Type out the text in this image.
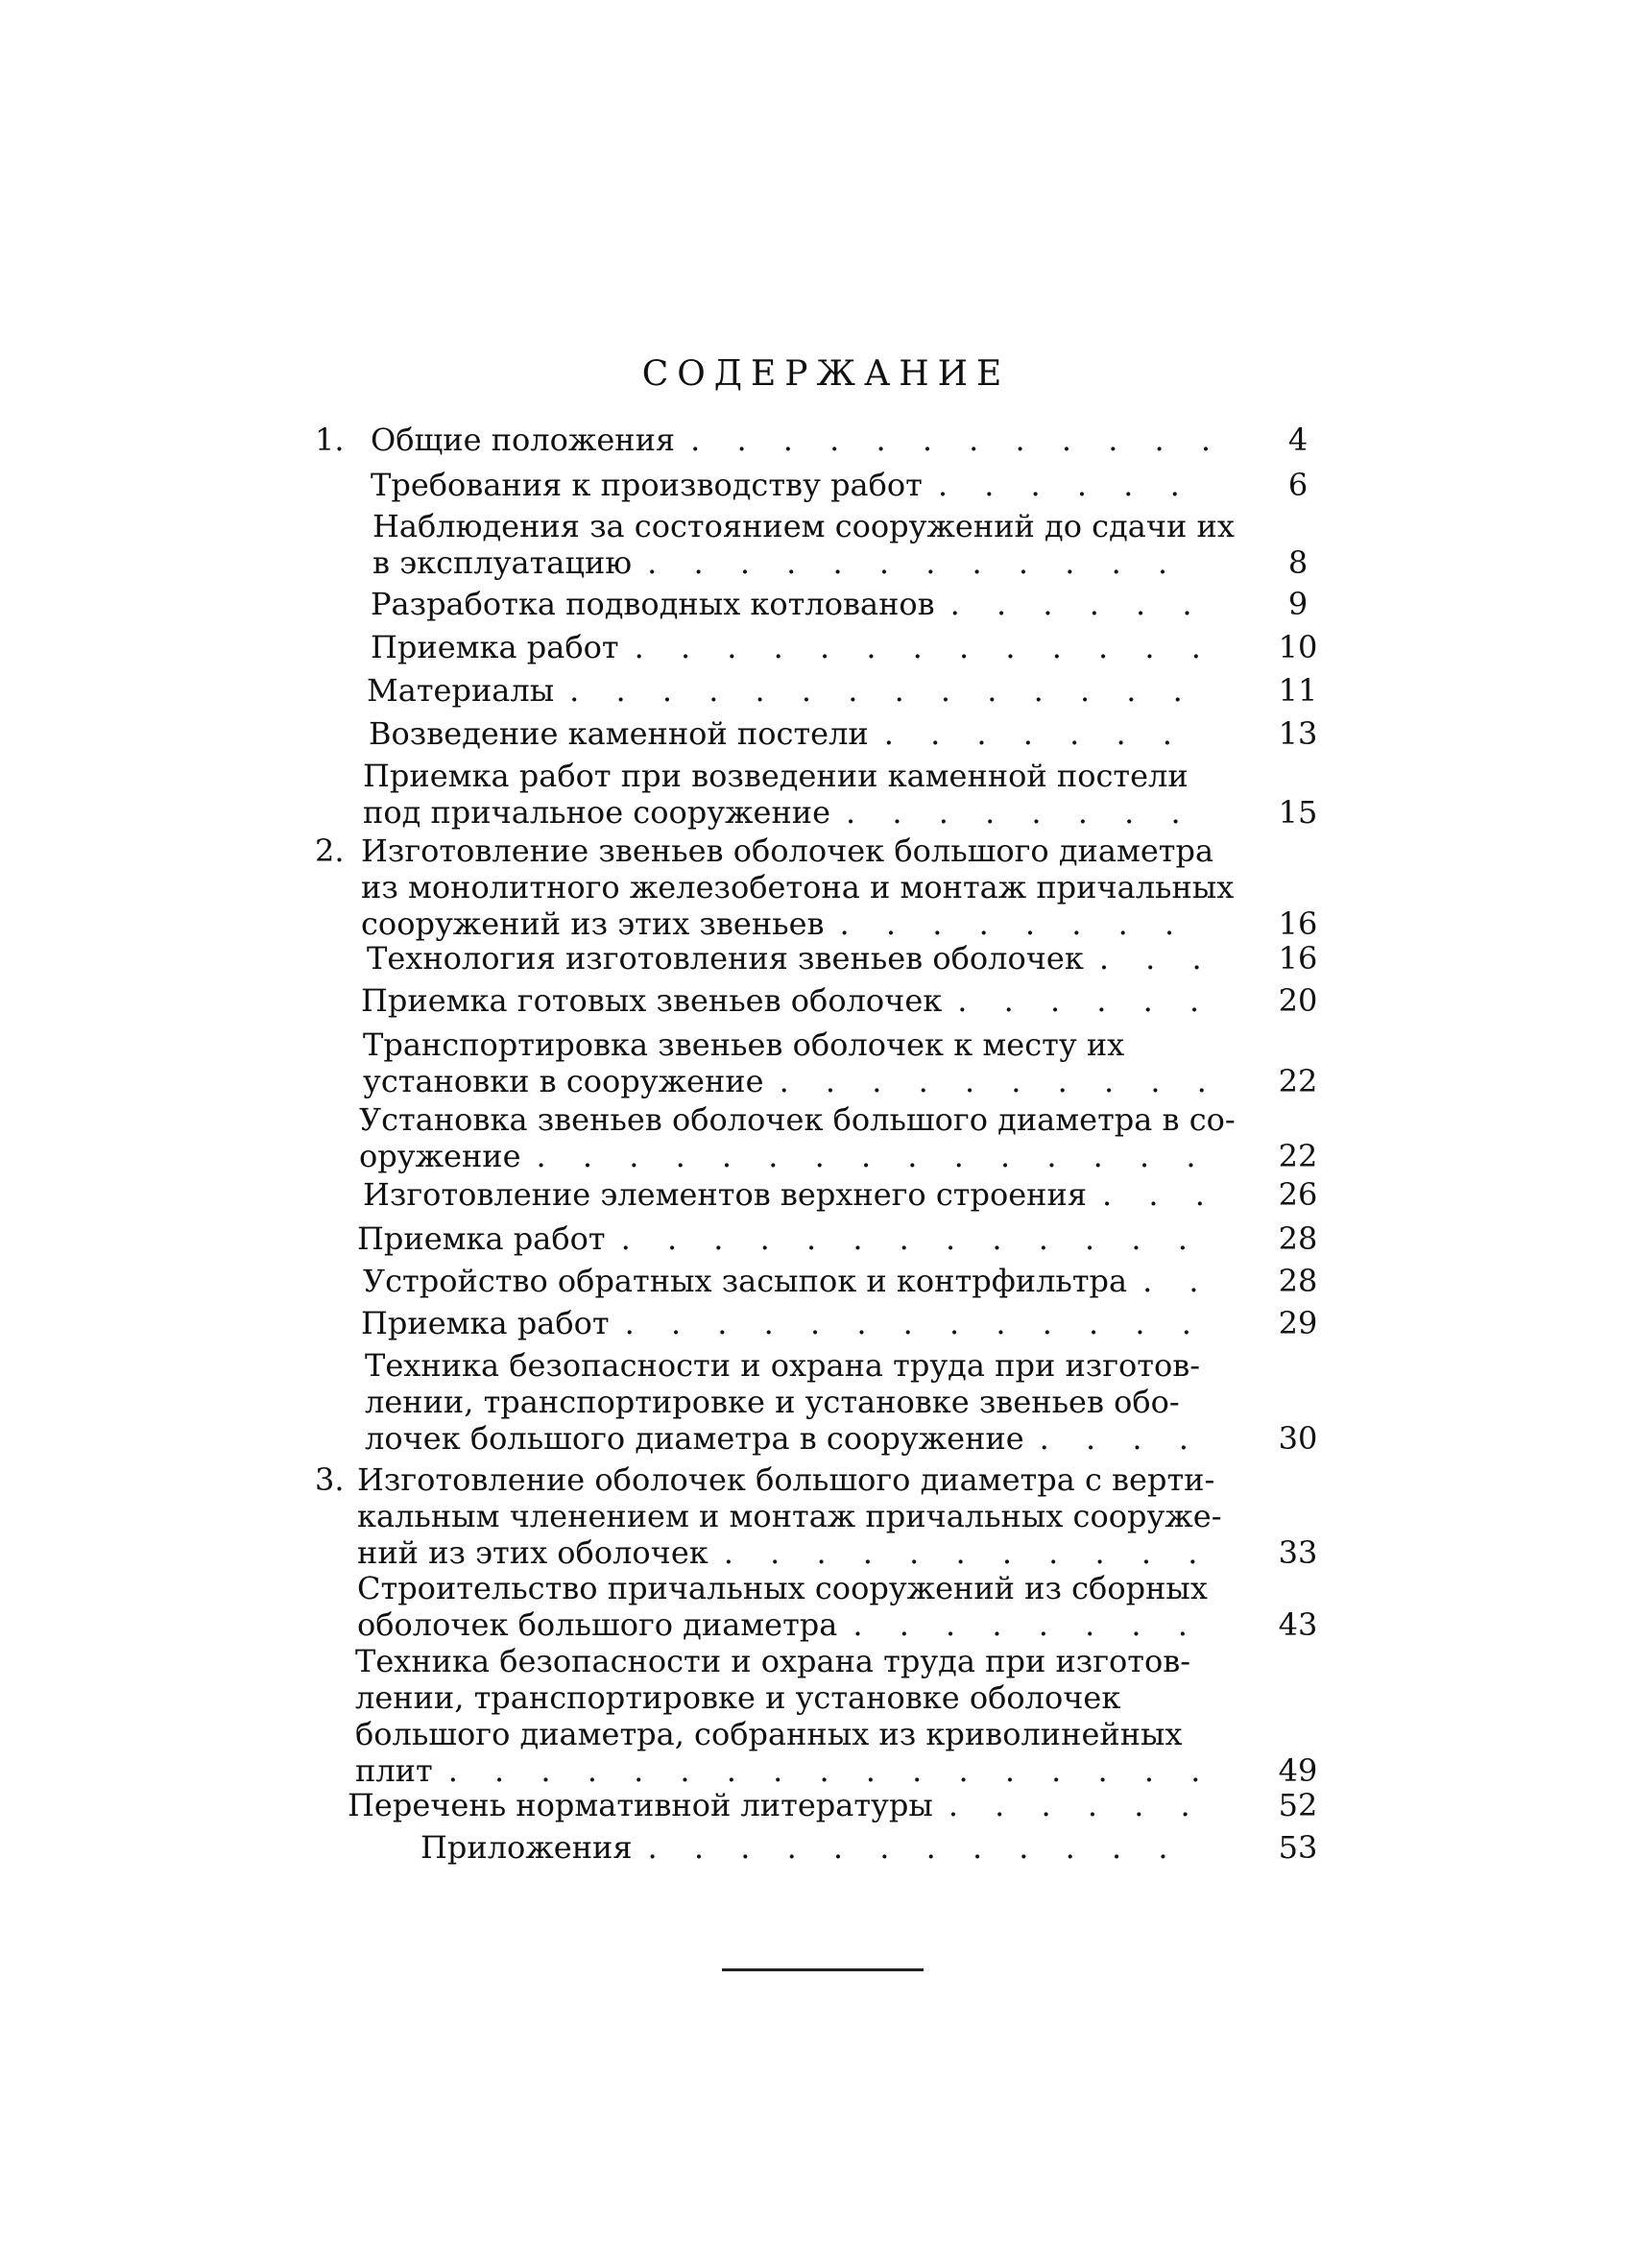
СОДЕРЖАНИЕ
1. Общие положения . . . . . . . . . . . .	4
Требования к производству работ . . . . . .	6
Наблюдения за состоянием сооружений до сдачи их
в эксплуатацию . . . . . . . . . . . .	8
Разработка подводных котлованов . . . . . .	9
Приемка работ . . . . . . . . . . . . .	10
Материалы . . . . . . . . . . . . . .	11
Возведение каменной постели . . . . . . .	13
Приемка работ при возведении каменной постели
под причальное сооружение . . . . . . . .	15
2. Изготовление звеньев оболочек большого диаметра
из монолитного железобетона и монтаж причальных
сооружений из этих звеньев . . . . . . . .	16
Технология изготовления звеньев оболочек . . .	16
Приемка готовых звеньев оболочек . . . . . .	20
Транспортировка звеньев оболочек к месту их
установки в сооружение . . . . . . . . . .	22
Установка звеньев оболочек большого диаметра в со-
оружение . . . . . . . . . . . . . . .	22
Изготовление элементов верхнего строения . . .	26
Приемка работ . . . . . . . . . . . . .	28
Устройство обратных засыпок и контрфильтра . .	28
Приемка работ . . . . . . . . . . . . .	29
Техника безопасности и охрана труда при изготов-
лении, транспортировке и установке звеньев обо-
лочек большого диаметра в сооружение . . . .	30
3. Изготовление оболочек большого диаметра с верти-
кальным членением и монтаж причальных сооруже-
ний из этих оболочек . . . . . . . . . . .	33
Строительство причальных сооружений из сборных
оболочек большого диаметра . . . . . . . .	43
Техника безопасности и охрана труда при изготов-
лении, транспортировке и установке оболочек
большого диаметра, собранных из криволинейных
плит . . . . . . . . . . . . . . . . .	49
Перечень нормативной литературы . . . . . .	52
Приложения . . . . . . . . . . . .	53
